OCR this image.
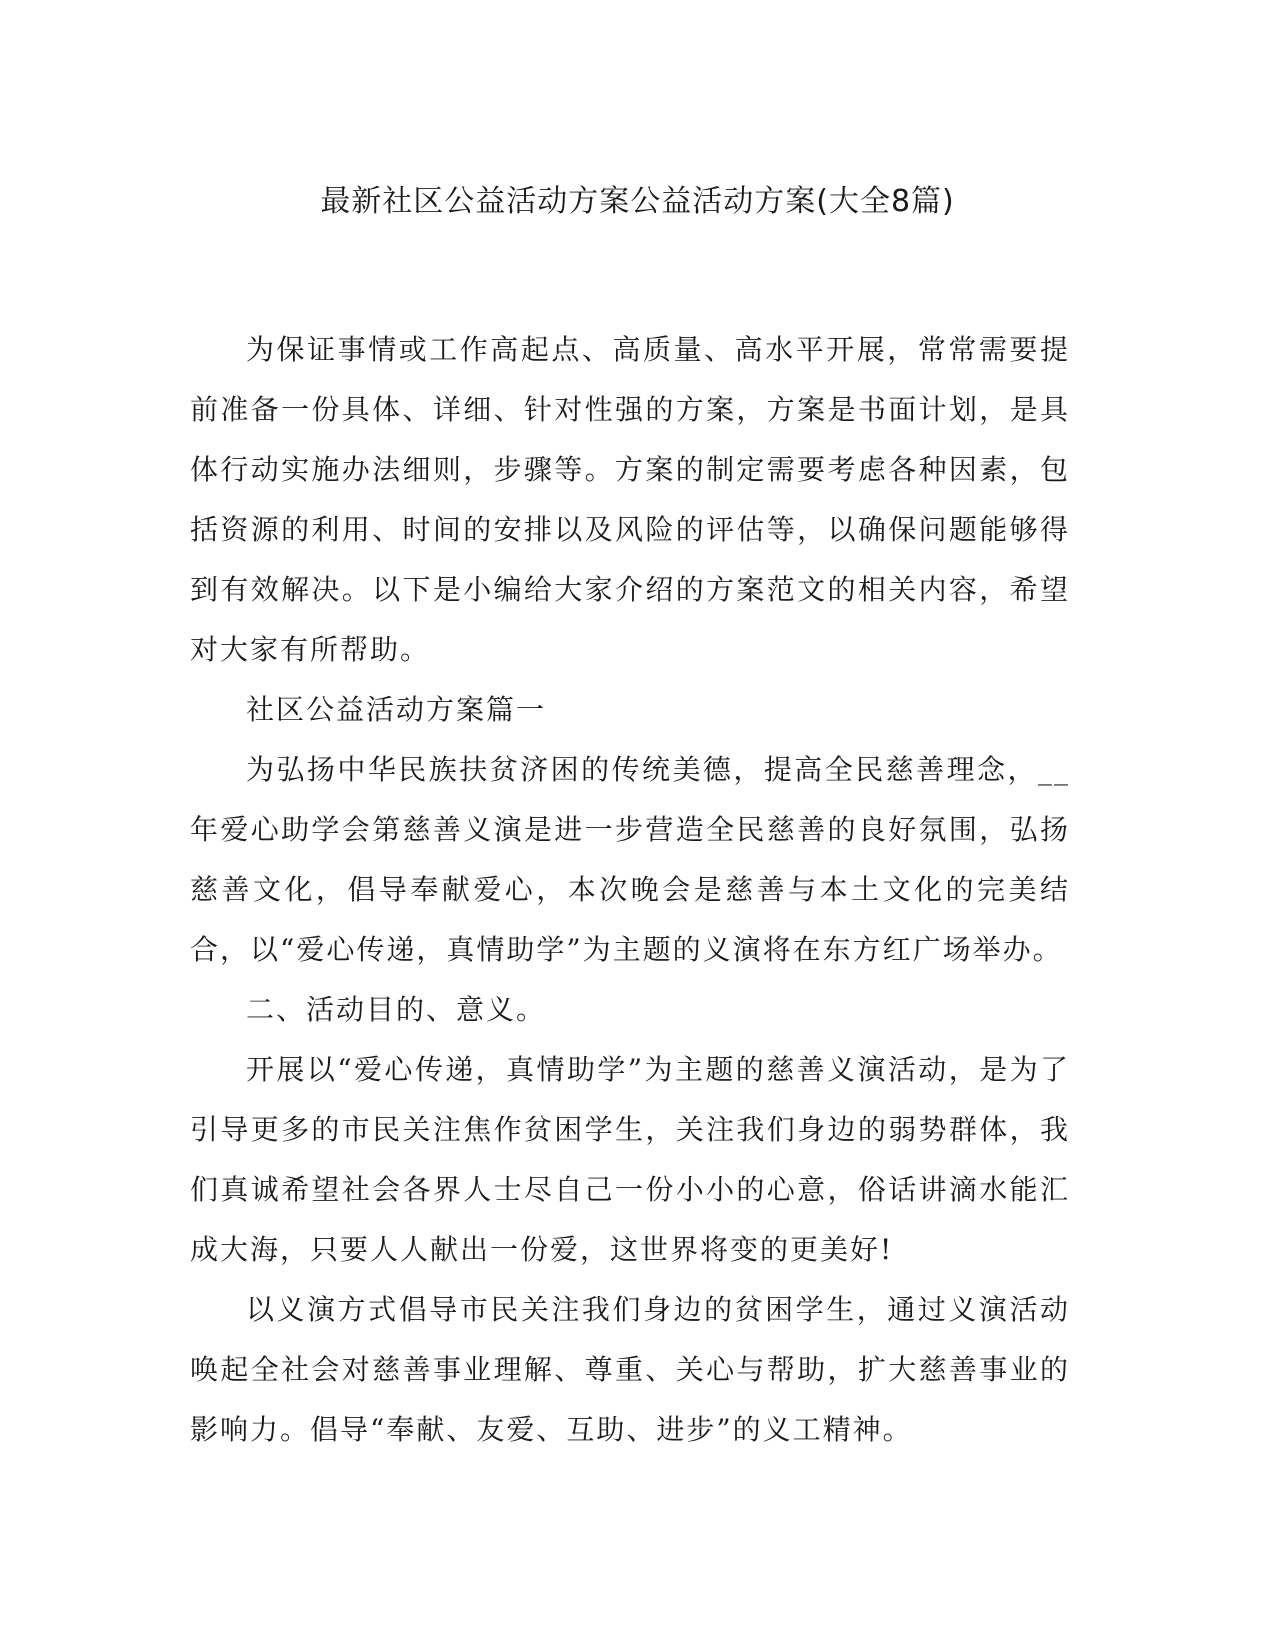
最新社区公益活动方案公益活动方案(大全8篇)

为保证事情或工作高起点、高质量、高水平开展，常常需要提前准备一份具体、详细、针对性强的方案，方案是书面计划，是具体行动实施办法细则，步骤等。方案的制定需要考虑各种因素，包括资源的利用、时间的安排以及风险的评估等，以确保问题能够得到有效解决。以下是小编给大家介绍的方案范文的相关内容，希望对大家有所帮助。

社区公益活动方案篇一

为弘扬中华民族扶贫济困的传统美德，提高全民慈善理念，__年爱心助学会第慈善义演是进一步营造全民慈善的良好氛围，弘扬慈善文化，倡导奉献爱心，本次晚会是慈善与本土文化的完美结合，以“爱心传递，真情助学”为主题的义演将在东方红广场举办。

二、活动目的、意义。

开展以“爱心传递，真情助学”为主题的慈善义演活动，是为了引导更多的市民关注焦作贫困学生，关注我们身边的弱势群体，我们真诚希望社会各界人士尽自己一份小小的心意，俗话讲滴水能汇成大海，只要人人献出一份爱，这世界将变的更美好!

以义演方式倡导市民关注我们身边的贫困学生，通过义演活动唤起全社会对慈善事业理解、尊重、关心与帮助，扩大慈善事业的影响力。倡导“奉献、友爱、互助、进步”的义工精神。
